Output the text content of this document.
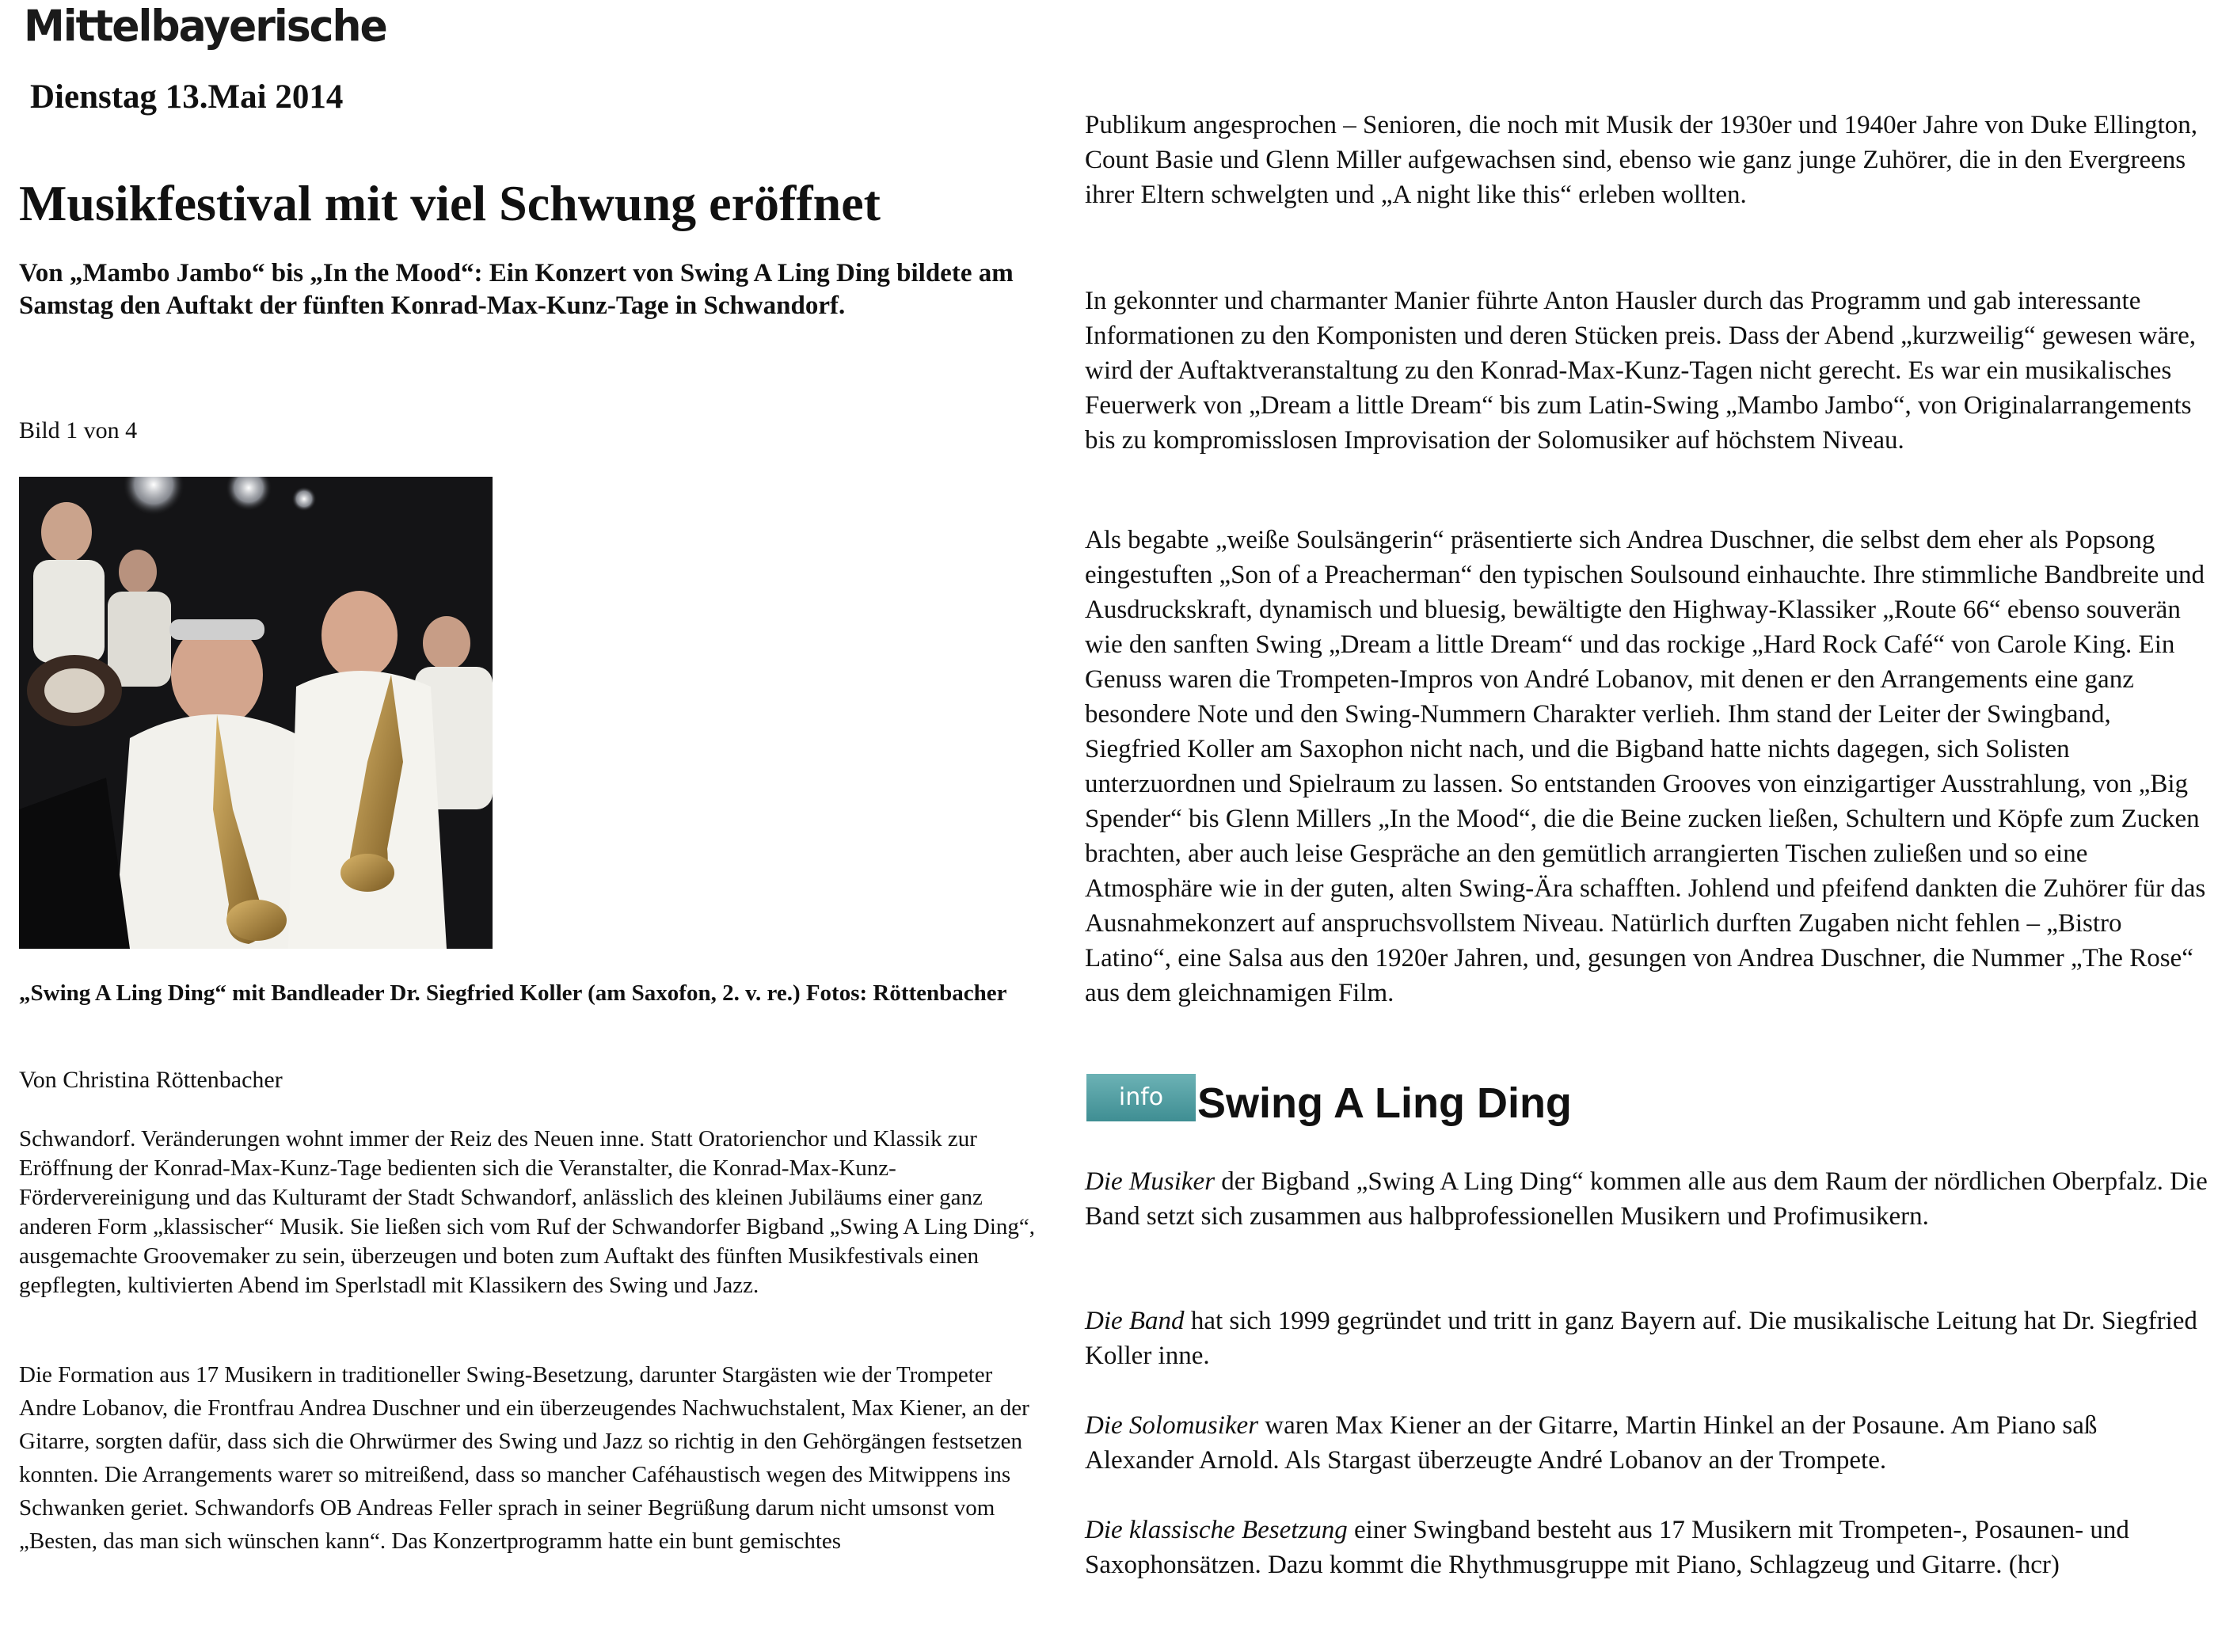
Mittelbayerische
Dienstag 13.Mai 2014
Musikfestival mit viel Schwung eröffnet

Von „Mambo Jambo“ bis „In the Mood“: Ein Konzert von Swing A Ling Ding bildete am Samstag den Auftakt der fünften Konrad-Max-Kunz-Tage in Schwandorf.

Bild 1 von 4

„Swing A Ling Ding“ mit Bandleader Dr. Siegfried Koller (am Saxofon, 2. v. re.) Fotos: Röttenbacher

Von Christina Röttenbacher

Schwandorf. Veränderungen wohnt immer der Reiz des Neuen inne. Statt Oratorienchor und Klassik zur Eröffnung der Konrad-Max-Kunz-Tage bedienten sich die Veranstalter, die Konrad-Max-Kunz-Fördervereinigung und das Kulturamt der Stadt Schwandorf, anlässlich des kleinen Jubiläums einer ganz anderen Form „klassischer“ Musik. Sie ließen sich vom Ruf der Schwandorfer Bigband „Swing A Ling Ding“, ausgemachte Groovemaker zu sein, überzeugen und boten zum Auftakt des fünften Musikfestivals einen gepflegten, kultivierten Abend im Sperlstadl mit Klassikern des Swing und Jazz.

Die Formation aus 17 Musikern in traditioneller Swing-Besetzung, darunter Stargästen wie der Trompeter Andre Lobanov, die Frontfrau Andrea Duschner und ein überzeugendes Nachwuchstalent, Max Kiener, an der Gitarre, sorgten dafür, dass sich die Ohrwürmer des Swing und Jazz so richtig in den Gehörgängen festsetzen konnten. Die Arrangements wareт so mitreißend, dass so mancher Caféhaustisch wegen des Mitwippens ins Schwanken geriet. Schwandorfs OB Andreas Feller sprach in seiner Begrüßung darum nicht umsonst vom „Besten, das man sich wünschen kann“. Das Konzertprogramm hatte ein bunt gemischtes

Publikum angesprochen – Senioren, die noch mit Musik der 1930er und 1940er Jahre von Duke Ellington, Count Basie und Glenn Miller aufgewachsen sind, ebenso wie ganz junge Zuhörer, die in den Evergreens ihrer Eltern schwelgten und „A night like this“ erleben wollten.

In gekonnter und charmanter Manier führte Anton Hausler durch das Programm und gab interessante Informationen zu den Komponisten und deren Stücken preis. Dass der Abend „kurzweilig“ gewesen wäre, wird der Auftaktveranstaltung zu den Konrad-Max-Kunz-Tagen nicht gerecht. Es war ein musikalisches Feuerwerk von „Dream a little Dream“ bis zum Latin-Swing „Mambo Jambo“, von Originalarrangements bis zu kompromisslosen Improvisation der Solomusiker auf höchstem Niveau.

Als begabte „weiße Soulsängerin“ präsentierte sich Andrea Duschner, die selbst dem eher als Popsong eingestuften „Son of a Preacherman“ den typischen Soulsound einhauchte. Ihre stimmliche Bandbreite und Ausdruckskraft, dynamisch und bluesig, bewältigte den Highway-Klassiker „Route 66“ ebenso souverän wie den sanften Swing „Dream a little Dream“ und das rockige „Hard Rock Café“ von Carole King. Ein Genuss waren die Trompeten-Impros von André Lobanov, mit denen er den Arrangements eine ganz besondere Note und den Swing-Nummern Charakter verlieh. Ihm stand der Leiter der Swingband, Siegfried Koller am Saxophon nicht nach, und die Bigband hatte nichts dagegen, sich Solisten unterzuordnen und Spielraum zu lassen. So entstanden Grooves von einzigartiger Ausstrahlung, von „Big Spender“ bis Glenn Millers „In the Mood“, die die Beine zucken ließen, Schultern und Köpfe zum Zucken brachten, aber auch leise Gespräche an den gemütlich arrangierten Tischen zuließen und so eine Atmosphäre wie in der guten, alten Swing-Ära schafften. Johlend und pfeifend dankten die Zuhörer für das Ausnahmekonzert auf anspruchsvollstem Niveau. Natürlich durften Zugaben nicht fehlen – „Bistro Latino“, eine Salsa aus den 1920er Jahren, und, gesungen von Andrea Duschner, die Nummer „The Rose“ aus dem gleichnamigen Film.

info Swing A Ling Ding

Die Musiker der Bigband „Swing A Ling Ding“ kommen alle aus dem Raum der nördlichen Oberpfalz. Die Band setzt sich zusammen aus halbprofessionellen Musikern und Profimusikern.

Die Band hat sich 1999 gegründet und tritt in ganz Bayern auf. Die musikalische Leitung hat Dr. Siegfried Koller inne.

Die Solomusiker waren Max Kiener an der Gitarre, Martin Hinkel an der Posaune. Am Piano saß Alexander Arnold. Als Stargast überzeugte André Lobanov an der Trompete.

Die klassische Besetzung einer Swingband besteht aus 17 Musikern mit Trompeten-, Posaunen- und Saxophonsätzen. Dazu kommt die Rhythmusgruppe mit Piano, Schlagzeug und Gitarre. (hcr)
